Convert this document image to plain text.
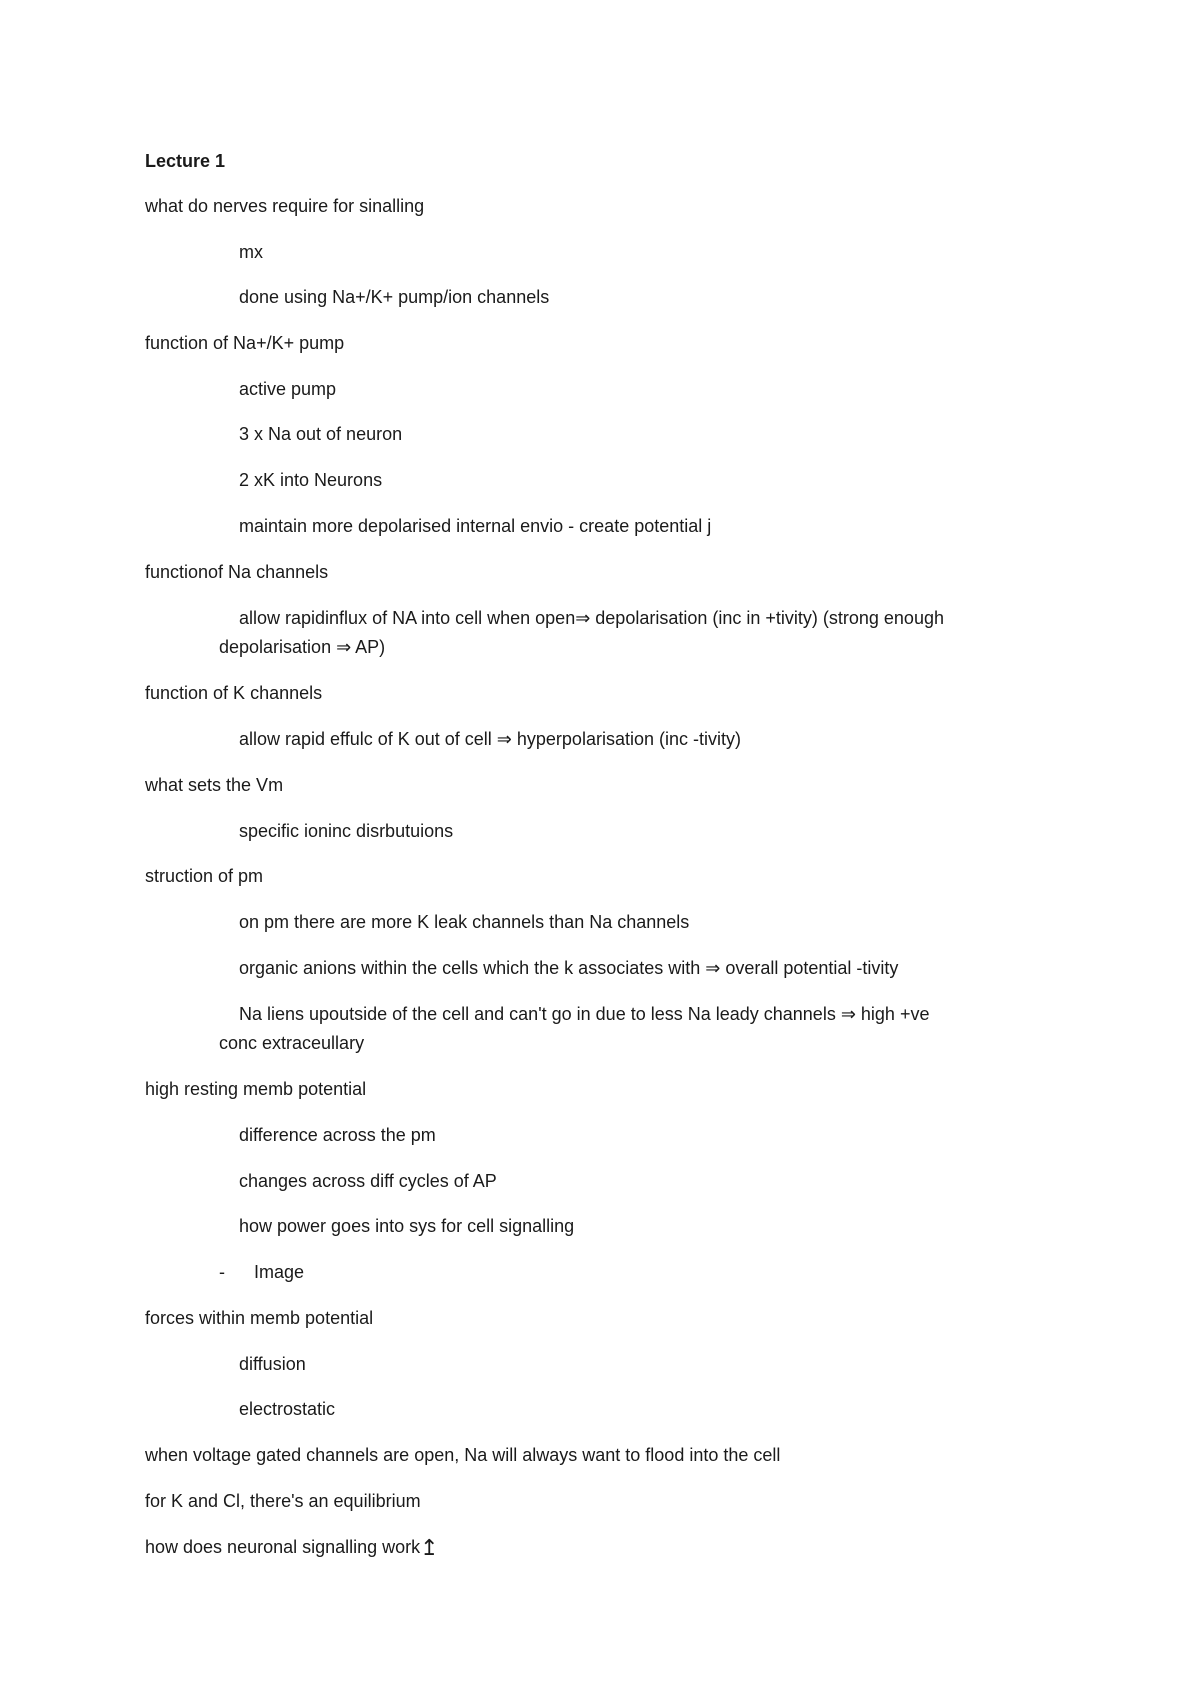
Lecture 1
what do nerves require for sinalling
mx
done using Na+/K+ pump/ion channels
function of Na+/K+ pump
active pump
3 x Na out of neuron
2 xK into Neurons
maintain more depolarised internal envio - create potential j
functionof Na channels
allow rapidinflux of NA into cell when open⇒ depolarisation (inc in +tivity) (strong enough
depolarisation ⇒ AP)
function of K channels
allow rapid effulc of K out of cell ⇒ hyperpolarisation (inc -tivity)
what sets the Vm
specific ioninc disrbutuions
struction of pm
on pm there are more K leak channels than Na channels
organic anions within the cells which the k associates with ⇒ overall potential -tivity
Na liens upoutside of the cell and can't go in due to less Na leady channels ⇒ high +ve
conc extraceullary
high resting memb potential
difference across the pm
changes across diff cycles of AP
how power goes into sys for cell signalling
- Image
forces within memb potential
diffusion
electrostatic
when voltage gated channels are open, Na will always want to flood into the cell
for K and Cl, there's an equilibrium
how does neuronal signalling work↥
